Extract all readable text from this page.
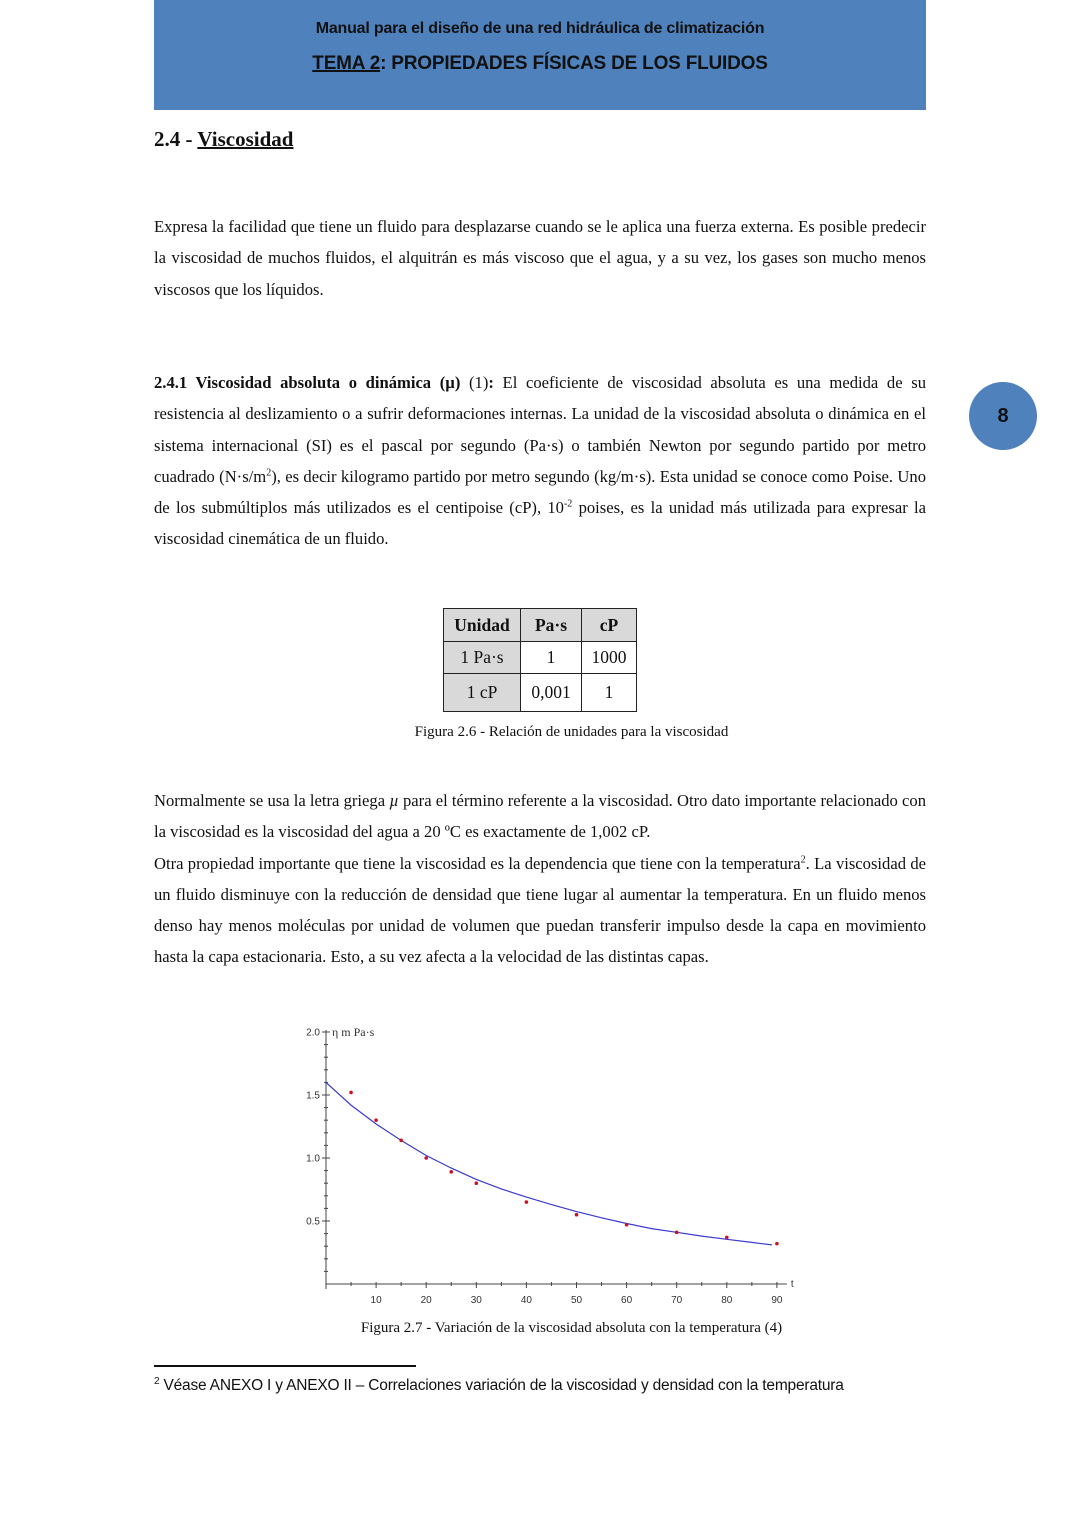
Manual para el diseño de una red hidráulica de climatización
TEMA 2: PROPIEDADES FÍSICAS DE LOS FLUIDOS
8
2.4 - Viscosidad
Expresa la facilidad que tiene un fluido para desplazarse cuando se le aplica una fuerza externa. Es posible predecir la viscosidad de muchos fluidos, el alquitrán es más viscoso que el agua, y a su vez, los gases son mucho menos viscosos que los líquidos.
2.4.1 Viscosidad absoluta o dinámica (µ) (1): El coeficiente de viscosidad absoluta es una medida de su resistencia al deslizamiento o a sufrir deformaciones internas. La unidad de la viscosidad absoluta o dinámica en el sistema internacional (SI) es el pascal por segundo (Pa·s) o también Newton por segundo partido por metro cuadrado $(N\cdot s/m^2)$, es decir kilogramo partido por metro segundo (kg/m·s). Esta unidad se conoce como Poise. Uno de los submúltiplos más utilizados es el centipoise (cP), $10^{-2}$ poises, es la unidad más utilizada para expresar la viscosidad cinemática de un fluido.
Unidad	Pa·s	cP
1 Pa·s	1	1000
1 cP	0,001	1
Figura 2.6 - Relación de unidades para la viscosidad
Normalmente se usa la letra griega µ para el término referente a la viscosidad. Otro dato importante relacionado con la viscosidad es la viscosidad del agua a 20 ºC es exactamente de 1,002 cP.
Otra propiedad importante que tiene la viscosidad es la dependencia que tiene con la temperatura$^2$. La viscosidad de un fluido disminuye con la reducción de densidad que tiene lugar al aumentar la temperatura. En un fluido menos denso hay menos moléculas por unidad de volumen que puedan transferir impulso desde la capa en movimiento hasta la capa estacionaria. Esto, a su vez afecta a la velocidad de las distintas capas.
0.5
1.0
1.5
2.0
10	20	30	40	50	60	70	80	90
t
η m Pa·s
Figura 2.7 - Variación de la viscosidad absoluta con la temperatura (4)
$^2$ Véase ANEXO I y ANEXO II – Correlaciones variación de la viscosidad y densidad con la temperatura
